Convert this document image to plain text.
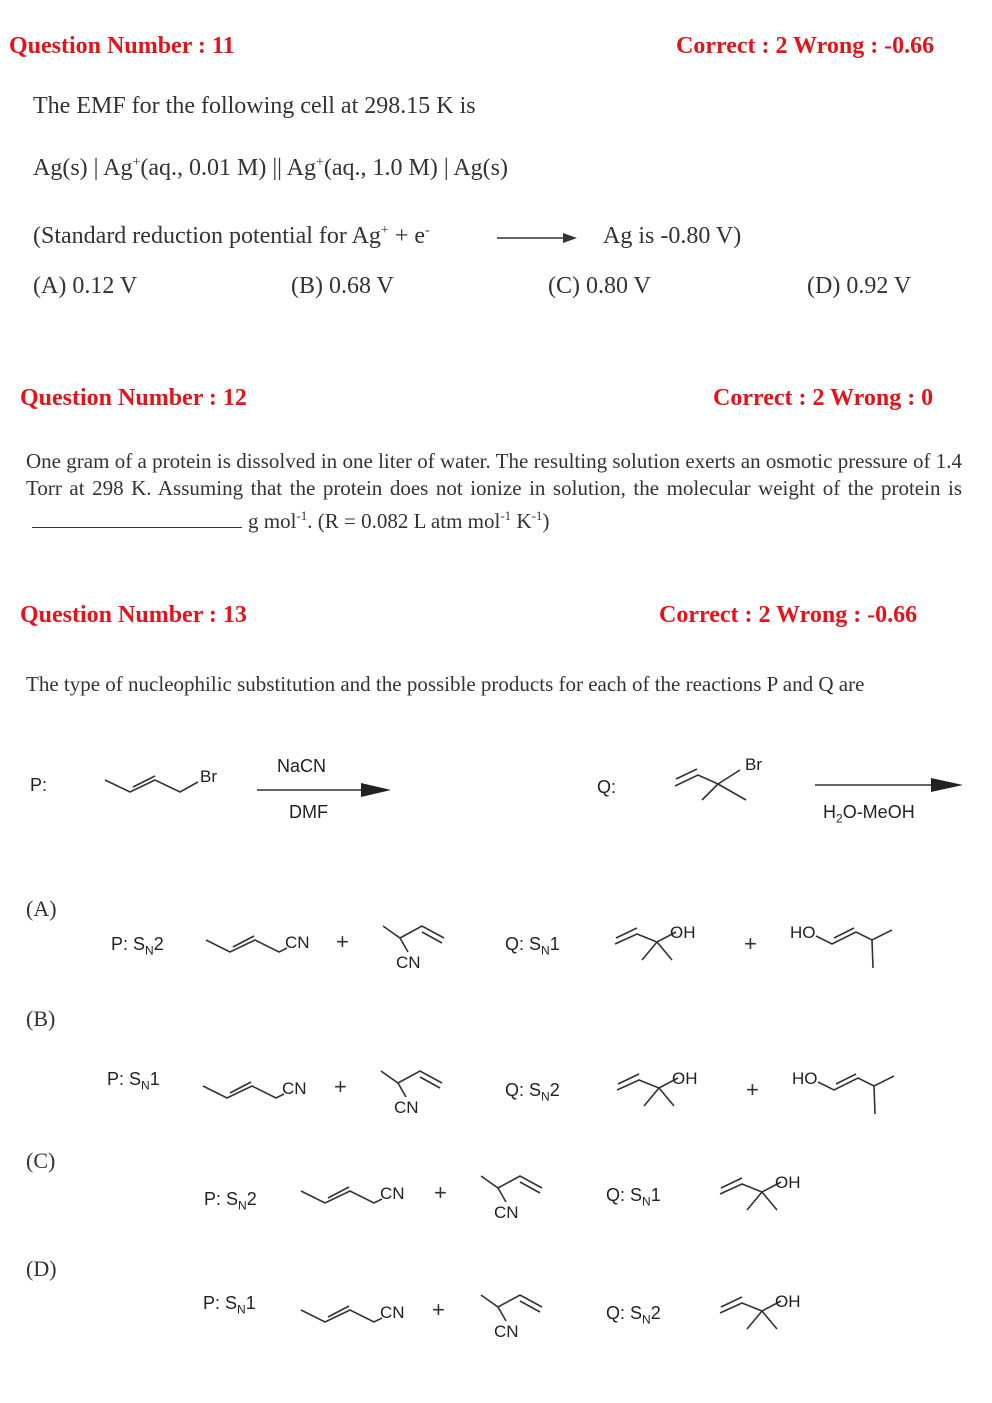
Question Number : 11	Correct : 2 Wrong : -0.66
The EMF for the following cell at 298.15 K is
Ag(s) | Ag+(aq., 0.01 M) || Ag+(aq., 1.0 M) | Ag(s)
(Standard reduction potential for Ag+ + e-	Ag is -0.80 V)
(A) 0.12 V	(B) 0.68 V	(C) 0.80 V	(D) 0.92 V
Question Number : 12	Correct : 2 Wrong : 0
One gram of a protein is dissolved in one liter of water. The resulting solution exerts an osmotic pressure of 1.4 Torr at 298 K. Assuming that the protein does not ionize in solution, the molecular weight of the protein is g mol$^{-1}$. (R = 0.082 L atm mol$^{-1}$ $K^{-1}$)
Question Number : 13	Correct : 2 Wrong : -0.66
The type of nucleophilic substitution and the possible products for each of the reactions P and Q are
P:	Br
NaCN
DMF
Q:
Br
$H_2O$-MeOH
(A)
P: $S_N2$	CN +
CN
Q: $S_N1$
OH + HO
(B)
P: $S_N1$	CN +
CN
Q: $S_N2$
OH + HO
(C)
P: $S_N2$	CN +
CN
Q: $S_N1$
OH
(D)
P: $S_N1$	CN +
CN
Q: $S_N2$
OH
